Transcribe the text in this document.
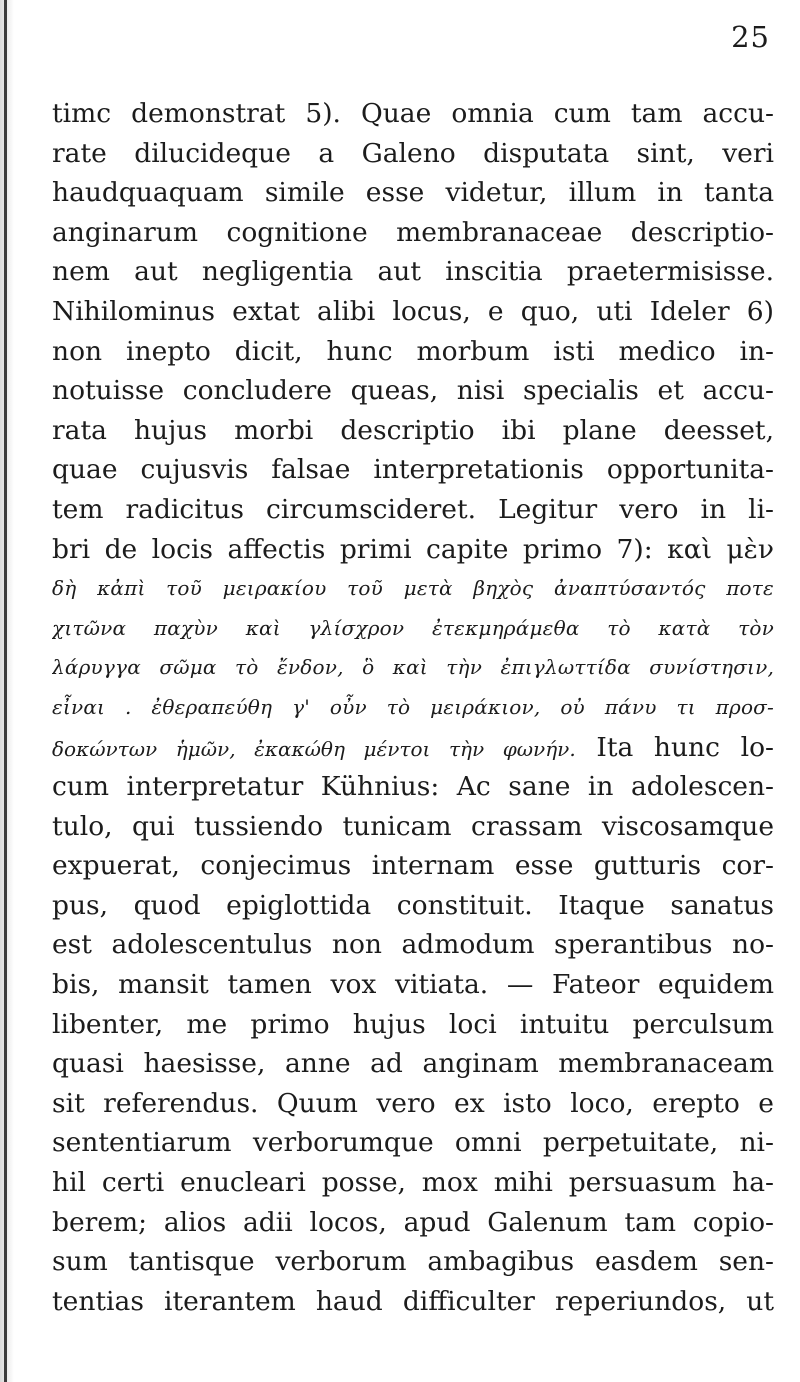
25
timc demonstrat 5). Quae omnia cum tam accu-
rate dilucideque a Galeno disputata sint, veri
haudquaquam simile esse videtur, illum in tanta
anginarum cognitione membranaceae descriptio-
nem aut negligentia aut inscitia praetermisisse.
Nihilominus extat alibi locus, e quo, uti Ideler 6)
non inepto dicit, hunc morbum isti medico in-
notuisse concludere queas, nisi specialis et accu-
rata hujus morbi descriptio ibi plane deesset,
quae cujusvis falsae interpretationis opportunita-
tem radicitus circumscideret. Legitur vero in li-
bri de locis affectis primi capite primo 7): καὶ μὲν
δὴ κἀπὶ τοῦ μειρακίου τοῦ μετὰ βηχὸς ἀναπτύσαντός ποτε
χιτῶνα παχὺν καὶ γλίσχρον ἐτεκμηράμεθα τὸ κατὰ τὸν
λάρυγγα σῶμα τὸ ἔνδον, ὃ καὶ τὴν ἐπιγλωττίδα συνίστησιν,
εἶναι . ἐθεραπεύθη γ' οὖν τὸ μειράκιον, οὐ πάνυ τι προσ-
δοκώντων ἡμῶν, ἐκακώθη μέντοι τὴν φωνήν. Ita hunc lo-
cum interpretatur Kühnius: Ac sane in adolescen-
tulo, qui tussiendo tunicam crassam viscosamque
expuerat, conjecimus internam esse gutturis cor-
pus, quod epiglottida constituit. Itaque sanatus
est adolescentulus non admodum sperantibus no-
bis, mansit tamen vox vitiata. — Fateor equidem
libenter, me primo hujus loci intuitu perculsum
quasi haesisse, anne ad anginam membranaceam
sit referendus. Quum vero ex isto loco, erepto e
sententiarum verborumque omni perpetuitate, ni-
hil certi enucleari posse, mox mihi persuasum ha-
berem; alios adii locos, apud Galenum tam copio-
sum tantisque verborum ambagibus easdem sen-
tentias iterantem haud difficulter reperiundos, ut
